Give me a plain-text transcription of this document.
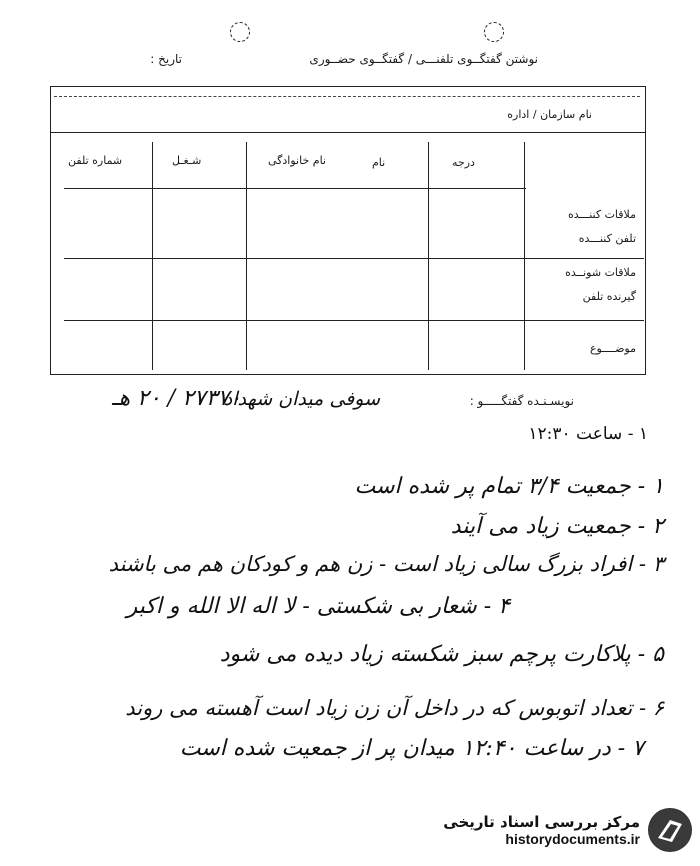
نوشتن گفتگــوی تلفنـــی / گفتگــوی حضــوری
تاریخ :
نام سازمان / اداره
درجه
نام
نام خانوادگی
شـغـل
شماره تلفن
ملاقات کننـــده
تلفن کننـــده
ملاقات شونــده
گیرنده تلفن
موضــــوع
نویسـنـده گفتگـــــو :
سوفی میدان شهداد
۲۷۳۷۰ / ۲۰ هـ
۱ - ساعت ۱۲:۳۰
۱ - جمعیت ۳/۴ تمام پر شده است
۲ - جمعیت زیاد می آیند
۳ - افراد بزرگ سالی زیاد است - زن هم و کودکان هم می باشند
۴ - شعار بی شکستی - لا اله الا الله و اکبر
۵ - پلاکارت پرچم سبز شکسته زیاد دیده می شود
۶ - تعداد اتوبوس که در داخل آن زن زیاد است آهسته می روند
۷ - در ساعت ۱۲:۴۰ میدان پر از جمعیت شده است
مرکز بررسی اسناد تاریخی
historydocuments.ir
